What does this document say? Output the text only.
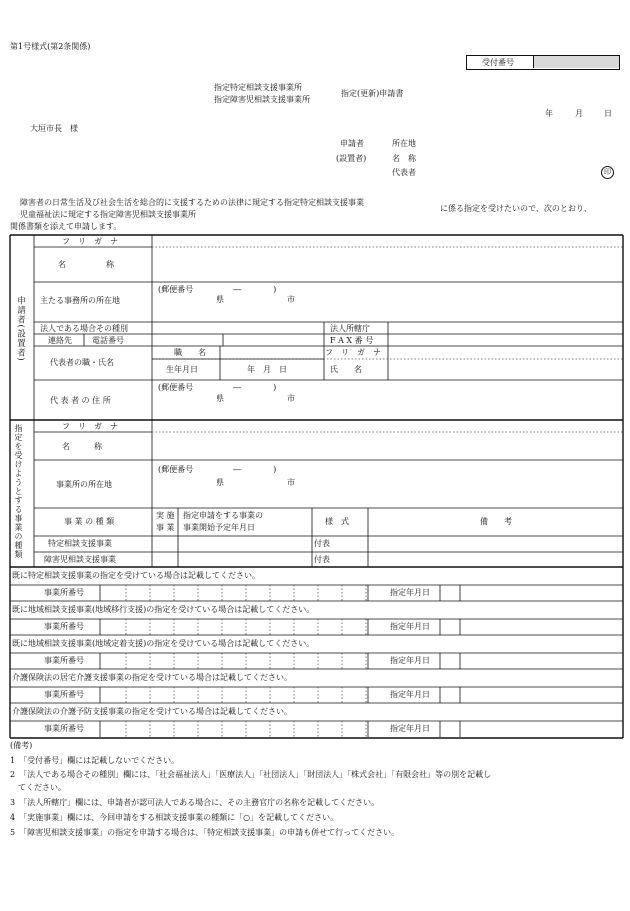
第1号様式(第2条関係)
受付番号
指定特定相談支援事業所
指定障害児相談支援事業所
指定(更新)申請書
年	月	日
大垣市長　様
申請者
(設置者)
所在地
名　称
代表者	印
障害者の日常生活及び社会生活を総合的に支援するための法律に規定する指定特定相談支援事業
児童福祉法に規定する指定障害児相談支援事業所
に係る指定を受けたいので、次のとおり、
関係書類を添えて申請します。
申請者(設置者)
フ　リ　ガ　ナ
名　　　　　称
主たる事務所の所在地
(郵便番号　　　　　―　　　　)
県	市
法人である場合その種別	法人所轄庁
連絡先	電話番号	F A X 番 号
代表者の職・氏名
職　　名	フ　リ　ガ　ナ
生年月日	年　月　日	氏　　名
代 表 者 の 住 所
(郵便番号　　　　　―　　　　)
県	市
指定を受けようとする事業の種類	フ　リ　ガ　ナ
名　　　称
事業所の所在地
(郵便番号　　　　　―　　　　)
県	市
事 業 の 種 類
実 施
事 業
指定申請をする事業の
事業開始予定年月日
様　式	備　　考
特定相談支援事業	付表
障害児相談支援事業	付表
既に特定相談支援事業の指定を受けている場合は記載してください。
事業所番号	指定年月日
既に地域相談支援事業(地域移行支援)の指定を受けている場合は記載してください。
事業所番号	指定年月日
既に地域相談支援事業(地域定着支援)の指定を受けている場合は記載してください。
事業所番号	指定年月日
介護保険法の居宅介護支援事業の指定を受けている場合は記載してください。
事業所番号	指定年月日
介護保険法の介護予防支援事業の指定を受けている場合は記載してください。
事業所番号	指定年月日
(備考)
1　「受付番号」欄には記載しないでください。
2　「法人である場合その種別」欄には、「社会福祉法人」「医療法人」「社団法人」「財団法人」「株式会社」「有限会社」等の別を記載し
　てください。
3　「法人所轄庁」欄には、申請者が認可法人である場合に、その主務官庁の名称を記載してください。
4　「実施事業」欄には、今回申請をする相談支援事業の種類に「○」を記載してください。
5　「障害児相談支援事業」の指定を申請する場合は、「特定相談支援事業」の申請も併せて行ってください。
